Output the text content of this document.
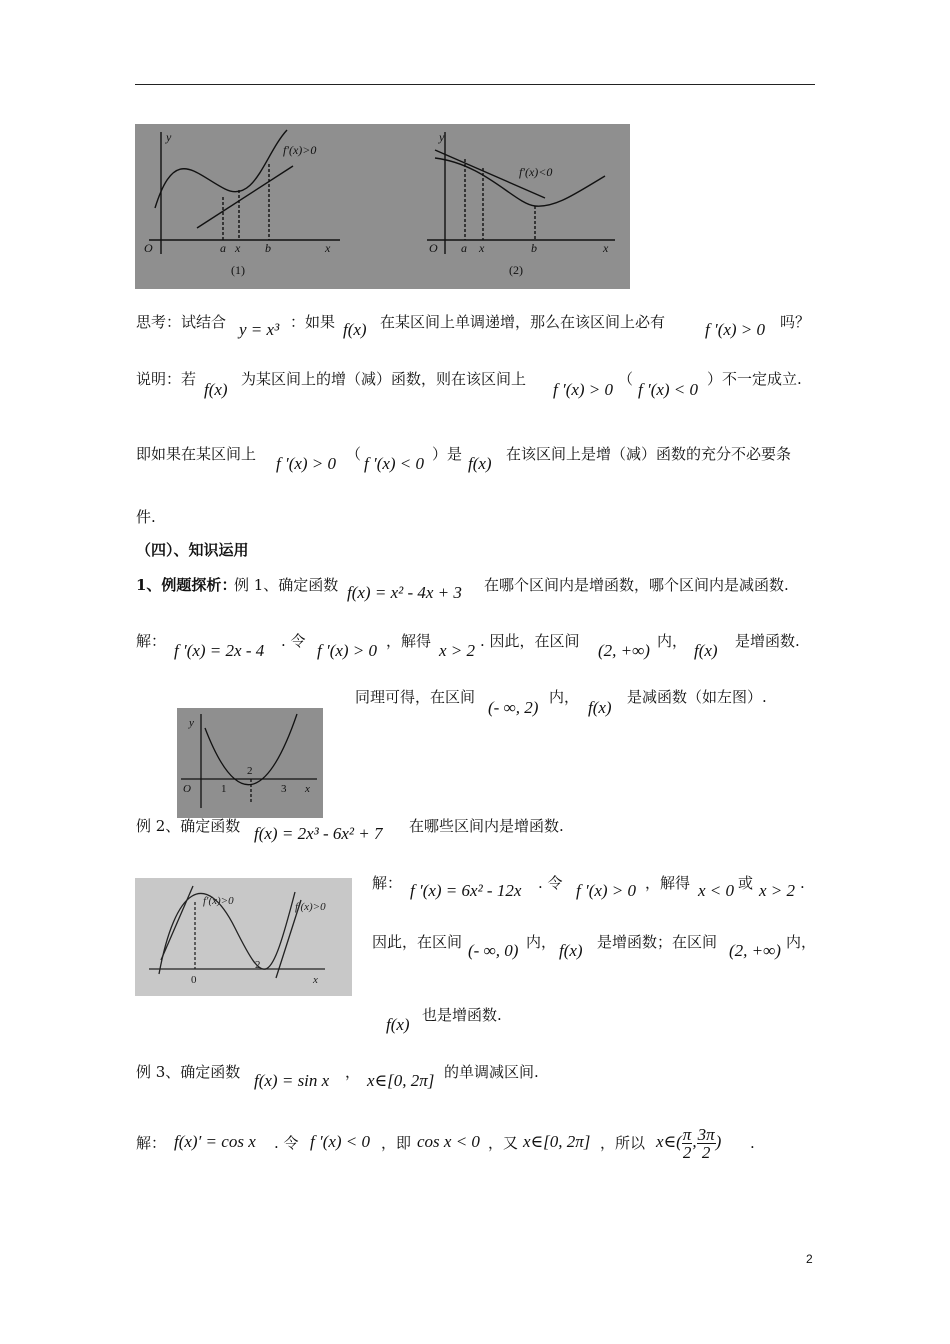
y
x
O	a x b
f′(x)>0
y
x
O a x	b
f′(x)<0
(1)	(2)
思考：试结合 y = x³ ：如果 f(x) 在某区间上单调递增，那么在该区间上必有 f ′(x) > 0 吗？
说明：若
f(x)
为某区间上的增（减）函数，则在该区间上
f ′(x) > 0
（
f ′(x) < 0
）不一定成立.
即如果在某区间上 f ′(x) > 0 （ f ′(x) < 0 ）是 f(x) 在该区间上是增（减）函数的充分不必要条
件.
（四）、知识运用
1、例题探析：
例 1、确定函数 f(x) = x² - 4x + 3 在哪个区间内是增函数，哪个区间内是减函数.
解： f ′(x) = 2x - 4 . 令 f ′(x) > 0 ，解得 x > 2 . 因此，在区间 (2, +∞) 内， f(x) 是增函数.
同理可得，在区间
(- ∞, 2)
内，
f(x)
是减函数（如左图）.
y
x
O	1
2
3
例 2、确定函数 f(x) = 2x³ - 6x² + 7 在哪些区间内是增函数.
f′(x)>0	f′(x)>0
0
2
x
解： f ′(x) = 6x² - 12x . 令 f ′(x) > 0 ，解得 x < 0 或 x > 2 .
因此，在区间 (- ∞, 0) 内， f(x) 是增函数；在区间 (2, +∞) 内，
f(x) 也是增函数.
例 3、确定函数 f(x) = sin x ， x∈[0, 2π] 的单调减区间.
解： f(x)′ = cos x . 令 f ′(x) < 0 ，即 cos x < 0 ，又 x∈[0, 2π] ，所以 x∈( $\frac{\pi}{2}$ , $\frac{3\pi}{2}$ ) .
2
